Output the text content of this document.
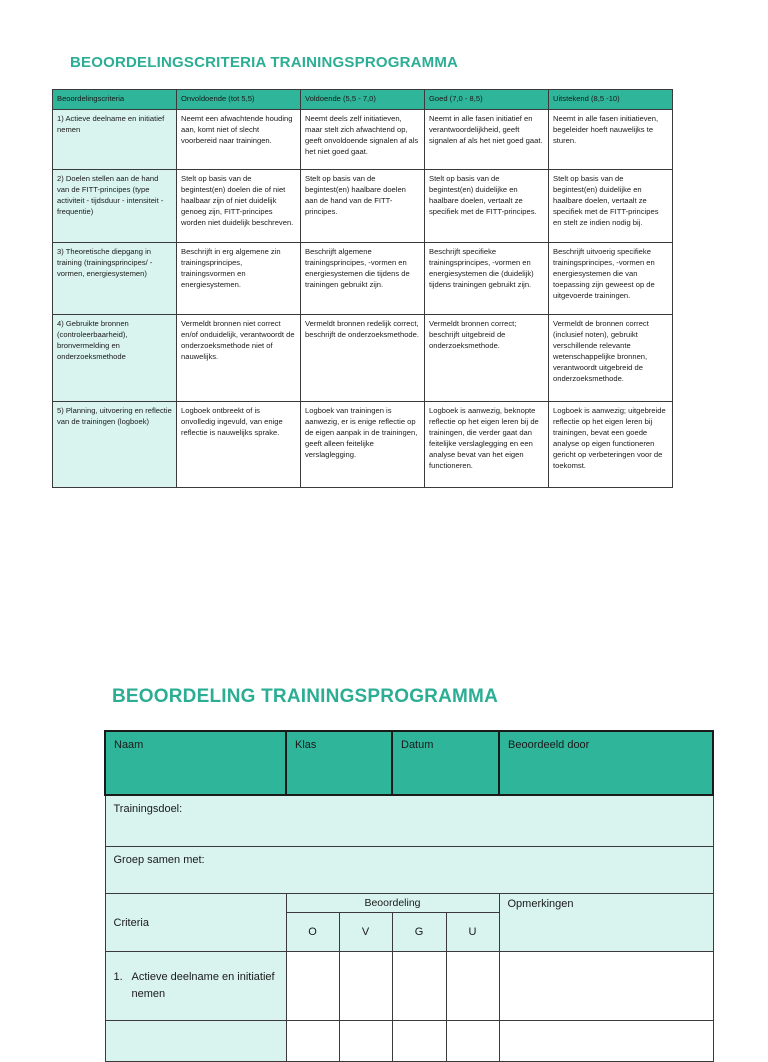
BEOORDELINGSCRITERIA TRAININGSPROGRAMMA
Beoordelingscriteria	Onvoldoende (tot 5,5)	Voldoende (5,5 - 7,0)	Goed (7,0 - 8,5)	Uitstekend (8,5 -10)
1) Actieve deelname en initiatief nemen	Neemt een afwachtende houding aan, komt niet of slecht voorbereid naar trainingen.	Neemt deels zelf initiatieven, maar stelt zich afwachtend op, geeft onvoldoende signalen af als het niet goed gaat.	Neemt in alle fasen initiatief en verantwoordelijkheid, geeft signalen af als het niet goed gaat.	Neemt in alle fasen initiatieven, begeleider hoeft nauwelijks te sturen.
2) Doelen stellen aan de hand van de FITT-principes (type activiteit - tijdsduur - intensiteit - frequentie)	Stelt op basis van de begintest(en) doelen die of niet haalbaar zijn of niet duidelijk genoeg zijn, FITT-principes worden niet duidelijk beschreven.	Stelt op basis van de begintest(en) haalbare doelen aan de hand van de FITT-principes.	Stelt op basis van de begintest(en) duidelijke en haalbare doelen, vertaalt ze specifiek met de FITT-principes.	Stelt op basis van de begintest(en) duidelijke en haalbare doelen, vertaalt ze specifiek met de FITT-principes en stelt ze indien nodig bij.
3) Theoretische diepgang in training (trainingsprincipes/ -vormen, energiesystemen)	Beschrijft in erg algemene zin trainingsprincipes, trainingsvormen en energiesystemen.	Beschrijft algemene trainingsprincipes, -vormen en energiesystemen die tijdens de trainingen gebruikt zijn.	Beschrijft specifieke trainingsprincipes, -vormen en energiesystemen die (duidelijk) tijdens trainingen gebruikt zijn.	Beschrijft uitvoerig specifieke trainingsprincipes, -vormen en energiesystemen die van toepassing zijn geweest op de uitgevoerde trainingen.
4) Gebruikte bronnen (controleerbaarheid), bronvermelding en onderzoeksmethode	Vermeldt bronnen niet correct en/of onduidelijk, verantwoordt de onderzoeksmethode niet of nauwelijks.	Vermeldt bronnen redelijk correct, beschrijft de onderzoeksmethode.	Vermeldt bronnen correct; beschrijft uitgebreid de onderzoeksmethode.	Vermeldt de bronnen correct (inclusief noten), gebruikt verschillende relevante wetenschappelijke bronnen, verantwoordt uitgebreid de onderzoeksmethode.
5) Planning, uitvoering en reflectie van de trainingen (logboek)	Logboek ontbreekt of is onvolledig ingevuld, van enige reflectie is nauwelijks sprake.	Logboek van trainingen is aanwezig, er is enige reflectie op de eigen aanpak in de trainingen, geeft alleen feitelijke verslaglegging.	Logboek is aanwezig, beknopte reflectie op het eigen leren bij de trainingen, die verder gaat dan feitelijke verslaglegging en een analyse bevat van het eigen functioneren.	Logboek is aanwezig; uitgebreide reflectie op het eigen leren bij trainingen, bevat een goede analyse op eigen functioneren gericht op verbeteringen voor de toekomst.
BEOORDELING TRAININGSPROGRAMMA
Naam	Klas		Datum		Beoordeeld door

Trainingsdoel:					

Groep samen met:					

Criteria	Beoordeling				Opmerkingen

	O	V	G	U	

1. Actieve deelname en initiatief nemen					
